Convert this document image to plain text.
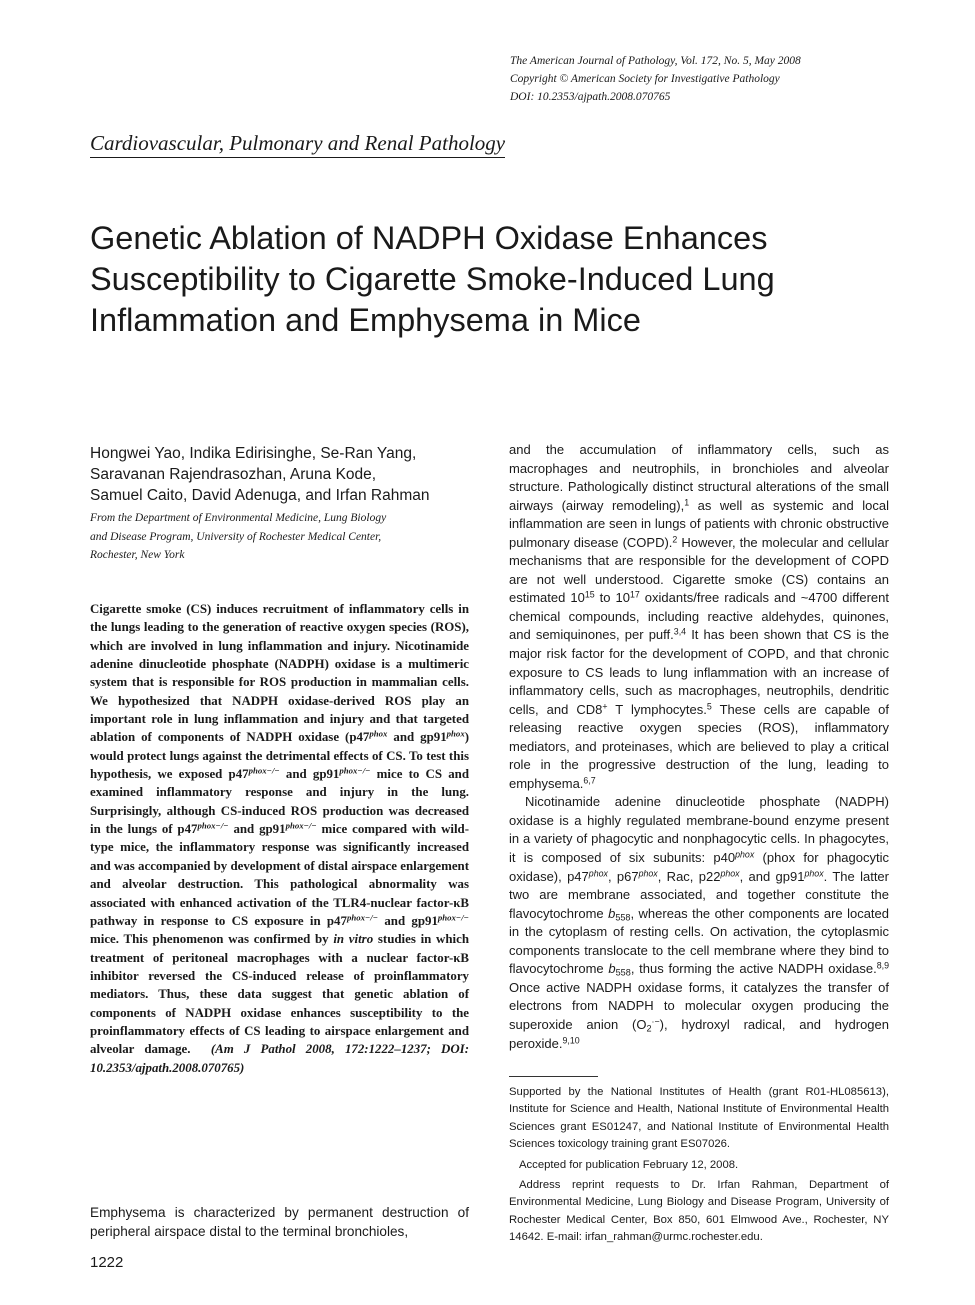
The American Journal of Pathology, Vol. 172, No. 5, May 2008
Copyright © American Society for Investigative Pathology
DOI: 10.2353/ajpath.2008.070765
Cardiovascular, Pulmonary and Renal Pathology
Genetic Ablation of NADPH Oxidase Enhances Susceptibility to Cigarette Smoke-Induced Lung Inflammation and Emphysema in Mice
Hongwei Yao, Indika Edirisinghe, Se-Ran Yang,
Saravanan Rajendrasozhan, Aruna Kode,
Samuel Caito, David Adenuga, and Irfan Rahman
From the Department of Environmental Medicine, Lung Biology
and Disease Program, University of Rochester Medical Center,
Rochester, New York

Cigarette smoke (CS) induces recruitment of inflammatory cells in the lungs leading to the generation of reactive oxygen species (ROS), which are involved in lung inflammation and injury. Nicotinamide adenine dinucleotide phosphate (NADPH) oxidase is a multimeric system that is responsible for ROS production in mammalian cells. We hypothesized that NADPH oxidase-derived ROS play an important role in lung inflammation and injury and that targeted ablation of components of NADPH oxidase ($p47^{phox}$ and $gp91^{phox}$) would protect lungs against the detrimental effects of CS. To test this hypothesis, we exposed $p47^{phox-/-}$ and $gp91^{phox-/-}$ mice to CS and examined inflammatory response and injury in the lung. Surprisingly, although CS-induced ROS production was decreased in the lungs of $p47^{phox-/-}$ and $gp91^{phox-/-}$ mice compared with wild-type mice, the inflammatory response was significantly increased and was accompanied by development of distal airspace enlargement and alveolar destruction. This pathological abnormality was associated with enhanced activation of the TLR4-nuclear factor-κB pathway in response to CS exposure in $p47^{phox-/-}$ and $gp91^{phox-/-}$ mice. This phenomenon was confirmed by in vitro studies in which treatment of peritoneal macrophages with a nuclear factor-κB inhibitor reversed the CS-induced release of proinflammatory mediators. Thus, these data suggest that genetic ablation of components of NADPH oxidase enhances susceptibility to the proinflammatory effects of CS leading to airspace enlargement and alveolar damage. (Am J Pathol 2008, 172:1222–1237; DOI: 10.2353/ajpath.2008.070765)

Emphysema is characterized by permanent destruction of peripheral airspace distal to the terminal bronchioles,

and the accumulation of inflammatory cells, such as macrophages and neutrophils, in bronchioles and alveolar structure. Pathologically distinct structural alterations of the small airways (airway remodeling),$^1$ as well as systemic and local inflammation are seen in lungs of patients with chronic obstructive pulmonary disease (COPD).$^2$ However, the molecular and cellular mechanisms that are responsible for the development of COPD are not well understood. Cigarette smoke (CS) contains an estimated $10^{15}$ to $10^{17}$ oxidants/free radicals and ~4700 different chemical compounds, including reactive aldehydes, quinones, and semiquinones, per puff.$^{3,4}$ It has been shown that CS is the major risk factor for the development of COPD, and that chronic exposure to CS leads to lung inflammation with an increase of inflammatory cells, such as macrophages, neutrophils, dendritic cells, and CD8+ T lymphocytes.$^5$ These cells are capable of releasing reactive oxygen species (ROS), inflammatory mediators, and proteinases, which are believed to play a critical role in the progressive destruction of the lung, leading to emphysema.$^{6,7}$

Nicotinamide adenine dinucleotide phosphate (NADPH) oxidase is a highly regulated membrane-bound enzyme present in a variety of phagocytic and nonphagocytic cells. In phagocytes, it is composed of six subunits: $p40^{phox}$ (phox for phagocytic oxidase), $p47^{phox}$, $p67^{phox}$, Rac, $p22^{phox}$, and $gp91^{phox}$. The latter two are membrane associated, and together constitute the flavocytochrome $b_{558}$, whereas the other components are located in the cytoplasm of resting cells. On activation, the cytoplasmic components translocate to the cell membrane where they bind to flavocytochrome $b_{558}$, thus forming the active NADPH oxidase.$^{8,9}$ Once active NADPH oxidase forms, it catalyzes the transfer of electrons from NADPH to molecular oxygen producing the superoxide anion $(O_2^{\cdot-})$, hydroxyl radical, and hydrogen peroxide.$^{9,10}$

Supported by the National Institutes of Health (grant R01-HL085613), Institute for Science and Health, National Institute of Environmental Health Sciences grant ES01247, and National Institute of Environmental Health Sciences toxicology training grant ES07026.

Accepted for publication February 12, 2008.

Address reprint requests to Dr. Irfan Rahman, Department of Environmental Medicine, Lung Biology and Disease Program, University of Rochester Medical Center, Box 850, 601 Elmwood Ave., Rochester, NY 14642. E-mail: irfan_rahman@urmc.rochester.edu.

1222
